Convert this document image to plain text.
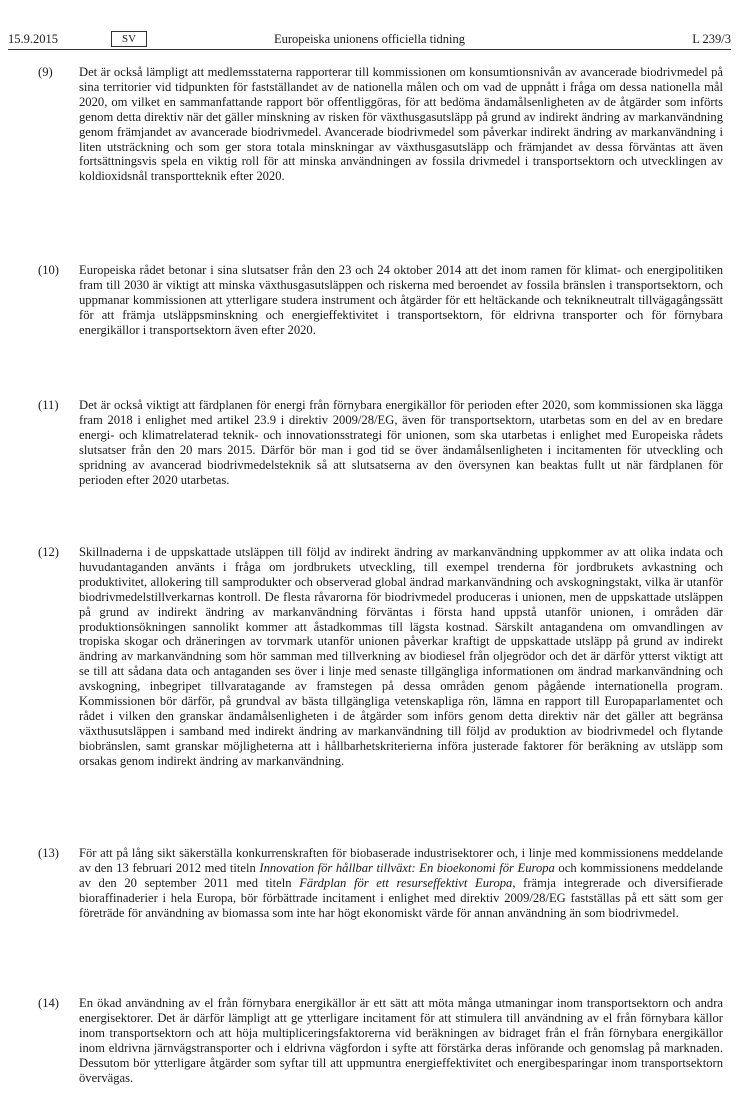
15.9.2015	SV	Europeiska unionens officiella tidning	L 239/3
(9)	Det är också lämpligt att medlemsstaterna rapporterar till kommissionen om konsumtionsnivån av avancerade biodrivmedel på sina territorier vid tidpunkten för fastställandet av de nationella målen och om vad de uppnått i fråga om dessa nationella mål 2020, om vilket en sammanfattande rapport bör offentliggöras, för att bedöma ändamålsenligheten av de åtgärder som införts genom detta direktiv när det gäller minskning av risken för växthusgasutsläpp på grund av indirekt ändring av markanvändning genom främjandet av avancerade biodrivmedel. Avancerade biodrivmedel som påverkar indirekt ändring av markanvändning i liten utsträckning och som ger stora totala minskningar av växthusgasutsläpp och främjandet av dessa förväntas att även fortsättningsvis spela en viktig roll för att minska användningen av fossila drivmedel i transportsektorn och utvecklingen av koldioxidsnål transportteknik efter 2020.
(10)	Europeiska rådet betonar i sina slutsatser från den 23 och 24 oktober 2014 att det inom ramen för klimat- och energipolitiken fram till 2030 är viktigt att minska växthusgasutsläppen och riskerna med beroendet av fossila bränslen i transportsektorn, och uppmanar kommissionen att ytterligare studera instrument och åtgärder för ett heltäckande och teknikneutralt tillvägagångssätt för att främja utsläppsminskning och energieffektivitet i transportsektorn, för eldrivna transporter och för förnybara energikällor i transportsektorn även efter 2020.
(11)	Det är också viktigt att färdplanen för energi från förnybara energikällor för perioden efter 2020, som kommissionen ska lägga fram 2018 i enlighet med artikel 23.9 i direktiv 2009/28/EG, även för transportsektorn, utarbetas som en del av en bredare energi- och klimatrelaterad teknik- och innovationsstrategi för unionen, som ska utarbetas i enlighet med Europeiska rådets slutsatser från den 20 mars 2015. Därför bör man i god tid se över ändamålsenligheten i incitamenten för utveckling och spridning av avancerad biodrivmedelsteknik så att slutsatserna av den översynen kan beaktas fullt ut när färdplanen för perioden efter 2020 utarbetas.
(12)	Skillnaderna i de uppskattade utsläppen till följd av indirekt ändring av markanvändning uppkommer av att olika indata och huvudantaganden använts i fråga om jordbrukets utveckling, till exempel trenderna för jordbrukets avkastning och produktivitet, allokering till samprodukter och observerad global ändrad markanvändning och avskogningstakt, vilka är utanför biodrivmedelstillverkarnas kontroll. De flesta råvarorna för biodrivmedel produceras i unionen, men de uppskattade utsläppen på grund av indirekt ändring av markanvändning förväntas i första hand uppstå utanför unionen, i områden där produktionsökningen sannolikt kommer att åstadkommas till lägsta kostnad. Särskilt antagandena om omvandlingen av tropiska skogar och dräneringen av torvmark utanför unionen påverkar kraftigt de uppskattade utsläpp på grund av indirekt ändring av markanvändning som hör samman med tillverkning av biodiesel från oljegrödor och det är därför ytterst viktigt att se till att sådana data och antaganden ses över i linje med senaste tillgängliga informationen om ändrad markanvändning och avskogning, inbegripet tillvaratagande av framstegen på dessa områden genom pågående internationella program. Kommissionen bör därför, på grundval av bästa tillgängliga vetenskapliga rön, lämna en rapport till Europaparlamentet och rådet i vilken den granskar ändamålsenligheten i de åtgärder som införs genom detta direktiv när det gäller att begränsa växthusutsläppen i samband med indirekt ändring av markanvändning till följd av produktion av biodrivmedel och flytande biobränslen, samt granskar möjligheterna att i hållbarhetskriterierna införa justerade faktorer för beräkning av utsläpp som orsakas genom indirekt ändring av markanvändning.
(13)	För att på lång sikt säkerställa konkurrenskraften för biobaserade industrisektorer och, i linje med kommissionens meddelande av den 13 februari 2012 med titeln Innovation för hållbar tillväxt: En bioekonomi för Europa och kommissionens meddelande av den 20 september 2011 med titeln Färdplan för ett resurseffektivt Europa, främja integrerade och diversifierade bioraffinaderier i hela Europa, bör förbättrade incitament i enlighet med direktiv 2009/28/EG fastställas på ett sätt som ger företräde för användning av biomassa som inte har högt ekonomiskt värde för annan användning än som biodrivmedel.
(14)	En ökad användning av el från förnybara energikällor är ett sätt att möta många utmaningar inom transportsektorn och andra energisektorer. Det är därför lämpligt att ge ytterligare incitament för att stimulera till användning av el från förnybara källor inom transportsektorn och att höja multipliceringsfaktorerna vid beräkningen av bidraget från el från förnybara energikällor inom eldrivna järnvägstransporter och i eldrivna vägfordon i syfte att förstärka deras införande och genomslag på marknaden. Dessutom bör ytterligare åtgärder som syftar till att uppmuntra energieffektivitet och energibesparingar inom transportsektorn övervägas.
